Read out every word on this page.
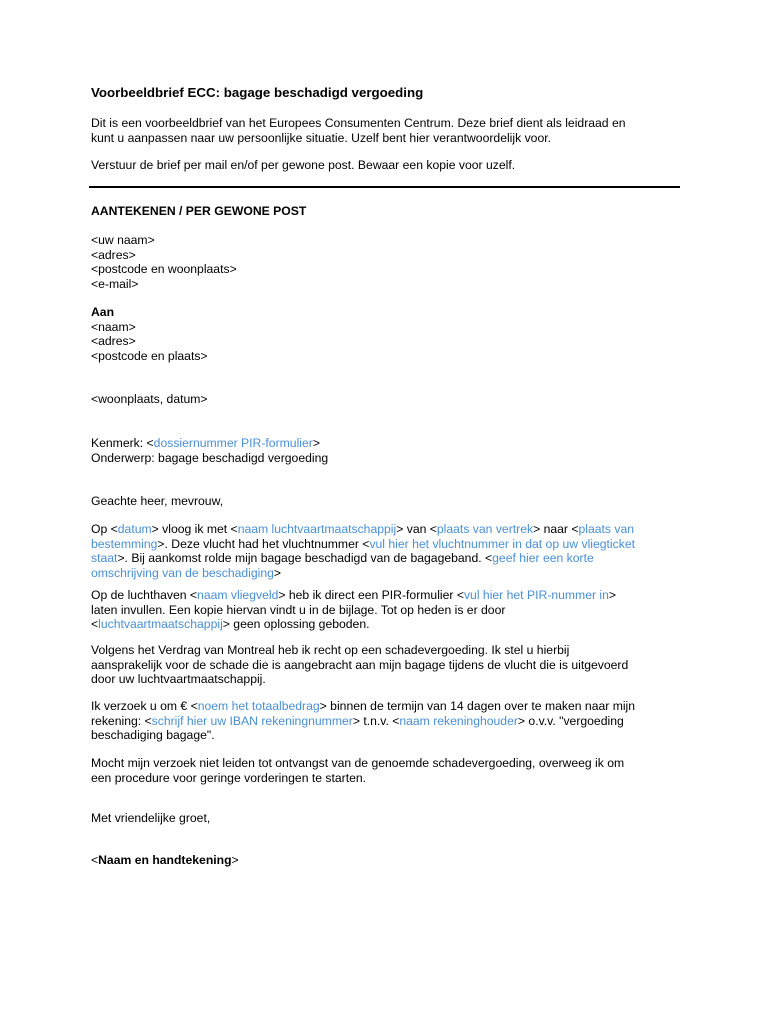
Voorbeeldbrief ECC: bagage beschadigd vergoeding
Dit is een voorbeeldbrief van het Europees Consumenten Centrum. Deze brief dient als leidraad en
kunt u aanpassen naar uw persoonlijke situatie. Uzelf bent hier verantwoordelijk voor.
Verstuur de brief per mail en/of per gewone post. Bewaar een kopie voor uzelf.
AANTEKENEN / PER GEWONE POST
<uw naam>
<adres>
<postcode en woonplaats>
<e-mail>
Aan
<naam>
<adres>
<postcode en plaats>
<woonplaats, datum>
Kenmerk: <dossiernummer PIR-formulier>
Onderwerp: bagage beschadigd vergoeding
Geachte heer, mevrouw,
Op <datum> vloog ik met <naam luchtvaartmaatschappij> van <plaats van vertrek> naar <plaats van
bestemming>. Deze vlucht had het vluchtnummer <vul hier het vluchtnummer in dat op uw vliegticket
staat>. Bij aankomst rolde mijn bagage beschadigd van de bagageband. <geef hier een korte
omschrijving van de beschadiging>
Op de luchthaven <naam vliegveld> heb ik direct een PIR-formulier <vul hier het PIR-nummer in>
laten invullen. Een kopie hiervan vindt u in de bijlage. Tot op heden is er door
<luchtvaartmaatschappij> geen oplossing geboden.
Volgens het Verdrag van Montreal heb ik recht op een schadevergoeding. Ik stel u hierbij
aansprakelijk voor de schade die is aangebracht aan mijn bagage tijdens de vlucht die is uitgevoerd
door uw luchtvaartmaatschappij.
Ik verzoek u om € <noem het totaalbedrag> binnen de termijn van 14 dagen over te maken naar mijn
rekening: <schrijf hier uw IBAN rekeningnummer> t.n.v. <naam rekeninghouder> o.v.v. "vergoeding
beschadiging bagage".
Mocht mijn verzoek niet leiden tot ontvangst van de genoemde schadevergoeding, overweeg ik om
een procedure voor geringe vorderingen te starten.
Met vriendelijke groet,
<Naam en handtekening>
